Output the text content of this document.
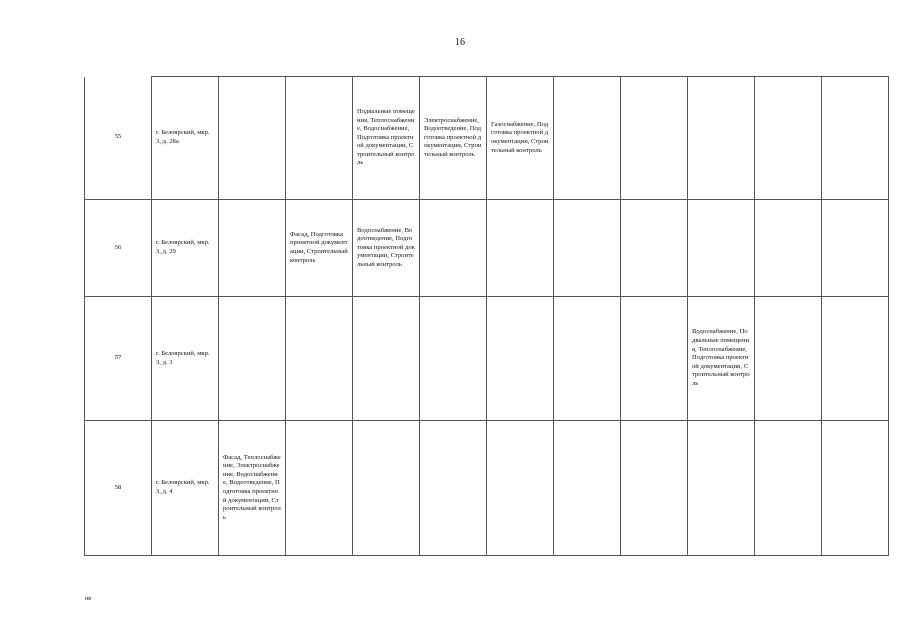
16
55	г. Белоярский, мкр. 3, д. 28а			Подвальные помещения, Теплоснабжение, Водоснабжение, Подготовка проектной документации, Строительный контроль	Электроснабжение, Водоотведение, Подготовка проектной документации, Строительный контроль	Газоснабжение, Подготовка проектной документации, Строительный контроль					
56	г. Белоярский, мкр. 3, д. 29		Фасад, Подготовка проектной документации, Строительный контроль	Водоснабжение, Водоотведение, Подготовка проектной документации, Строительный контроль							
57	г. Белоярский, мкр. 3, д. 3								Водоснабжение, Подвальные помещения, Теплоснабжение, Подготовка проектной документации, Строительный контроль		
58	г. Белоярский, мкр. 3, д. 4	Фасад, Теплоснабжение, Электроснабжение, Водоснабжение, Водоотведение, Подготовка проектной документации, Строительный контроль									
нв
